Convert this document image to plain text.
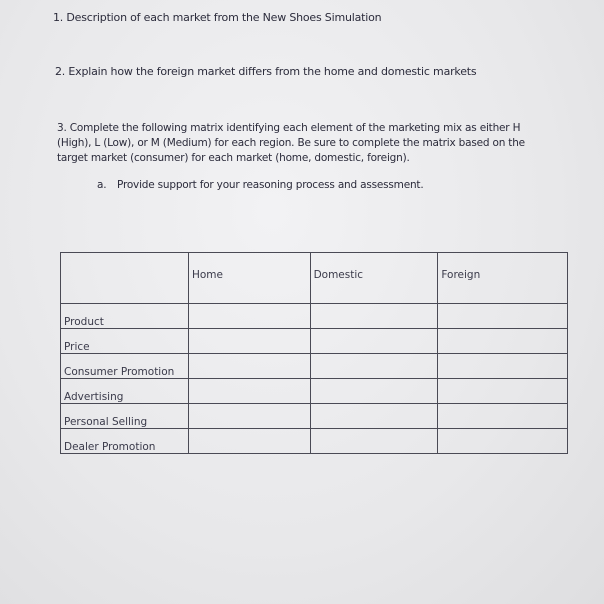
1. Description of each market from the New Shoes Simulation
2. Explain how the foreign market differs from the home and domestic markets
3. Complete the following matrix identifying each element of the marketing mix as either H (High), L (Low), or M (Medium) for each region. Be sure to complete the matrix based on the target market (consumer) for each market (home, domestic, foreign).
a. Provide support for your reasoning process and assessment.
	Home	Domestic	Foreign
Product			
Price			
Consumer Promotion			
Advertising			
Personal Selling			
Dealer Promotion			
